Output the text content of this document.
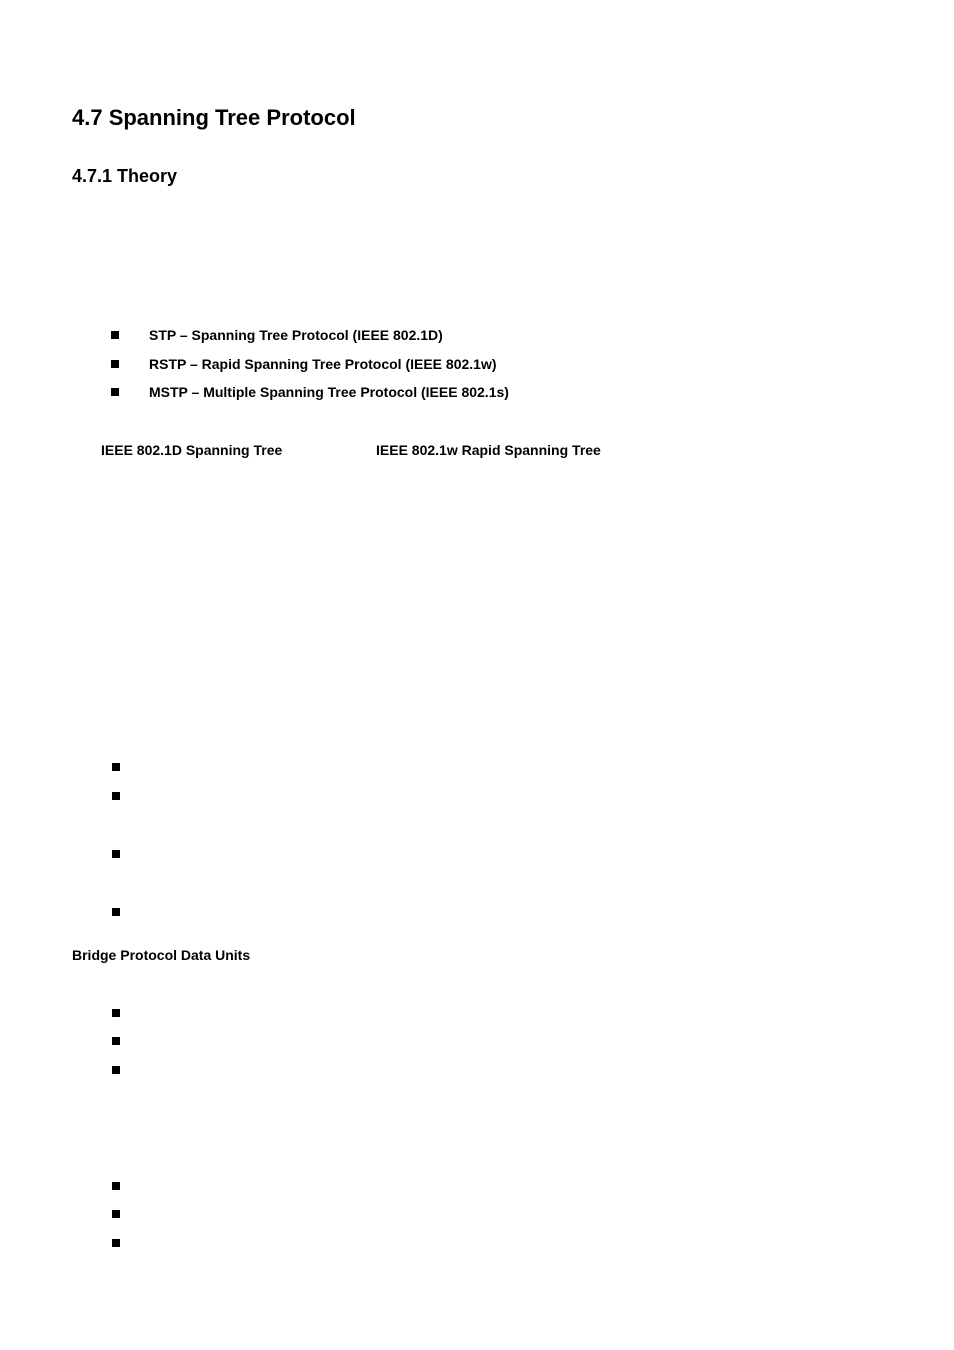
4.7 Spanning Tree Protocol
4.7.1 Theory
STP – Spanning Tree Protocol (IEEE 802.1D)
RSTP – Rapid Spanning Tree Protocol (IEEE 802.1w)
MSTP – Multiple Spanning Tree Protocol (IEEE 802.1s)
IEEE 802.1D Spanning Tree	IEEE 802.1w Rapid Spanning Tree
Bridge Protocol Data Units
